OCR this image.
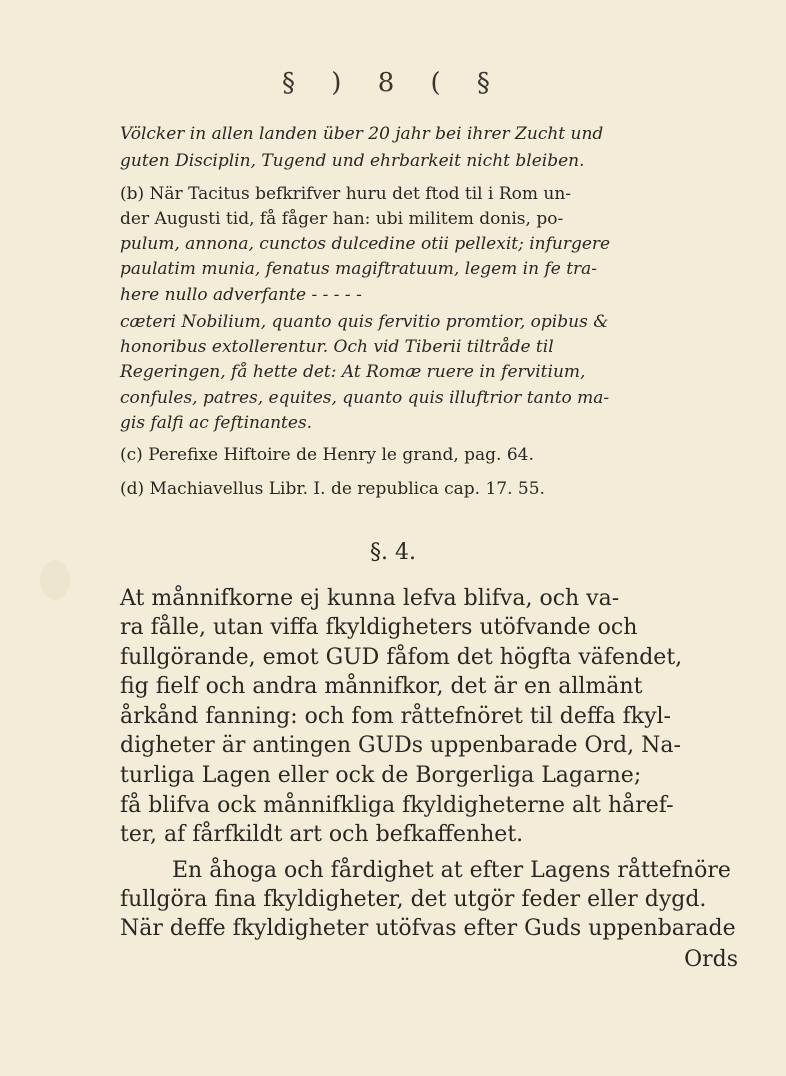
§ ) 8 ( §
Völcker in allen landen über 20 jahr bei ihrer Zucht und
guten Disciplin, Tugend und ehrbarkeit nicht bleiben.
(b) När Tacitus befkrifver huru det ftod til i Rom un-
der Augusti tid, få fåger han: ubi militem donis, po-
pulum, annona, cunctos dulcedine otii pellexit; infurgere
paulatim munia, fenatus magiftratuum, legem in fe tra-
here nullo adverfante - - - - -
cæteri Nobilium, quanto quis fervitio promtior, opibus &
honoribus extollerentur. Och vid Tiberii tiltråde til
Regeringen, få hette det: At Romæ ruere in fervitium,
confules, patres, equites, quanto quis illuftrior tanto ma-
gis falfi ac feftinantes.
(c) Perefixe Hiftoire de Henry le grand, pag. 64.
(d) Machiavellus Libr. I. de republica cap. 17. 55.
§. 4.
At månnifkorne ej kunna lefva blifva, och va-
ra fålle, utan viffa fkyldigheters utöfvande och
fullgörande, emot GUD fåfom det högfta väfendet,
fig fielf och andra månnifkor, det är en allmänt
årkånd fanning: och fom råttefnöret til deffa fkyl-
digheter är antingen GUDs uppenbarade Ord, Na-
turliga Lagen eller ock de Borgerliga Lagarne;
få blifva ock månnifkliga fkyldigheterne alt håref-
ter, af fårfkildt art och befkaffenhet.
En åhoga och fårdighet at efter Lagens råttefnöre
fullgöra fina fkyldigheter, det utgör feder eller dygd.
När deffe fkyldigheter utöfvas efter Guds uppenbarade
Ords
